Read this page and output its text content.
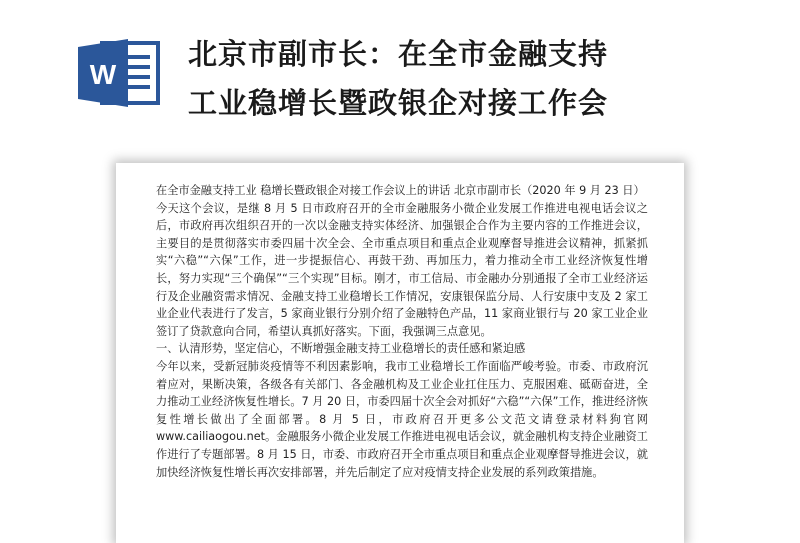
W
北京市副市长：在全市金融支持
工业稳增长暨政银企对接工作会

在全市金融支持工业 稳增长暨政银企对接工作会议上的讲话 北京市副市长（2020 年 9 月 23 日）

今天这个会议，是继 8 月 5 日市政府召开的全市金融服务小微企业发展工作推进电视电话会议之后，市政府再次组织召开的一次以金融支持实体经济、加强银企合作为主要内容的工作推进会议，主要目的是贯彻落实市委四届十次全会、全市重点项目和重点企业观摩督导推进会议精神，抓紧抓实“六稳”“六保”工作，进一步提振信心、再鼓干劲、再加压力，着力推动全市工业经济恢复性增长，努力实现“三个确保”“三个实现”目标。刚才，市工信局、市金融办分别通报了全市工业经济运行及企业融资需求情况、金融支持工业稳增长工作情况，安康银保监分局、人行安康中支及 2 家工业企业代表进行了发言，5 家商业银行分别介绍了金融特色产品，11 家商业银行与 20 家工业企业签订了贷款意向合同，希望认真抓好落实。下面，我强调三点意见。

一、认清形势，坚定信心，不断增强金融支持工业稳增长的责任感和紧迫感

今年以来，受新冠肺炎疫情等不利因素影响，我市工业稳增长工作面临严峻考验。市委、市政府沉着应对，果断决策，各级各有关部门、各金融机构及工业企业扛住压力、克服困难、砥砺奋进，全力推动工业经济恢复性增长。7 月 20 日，市委四届十次全会对抓好“六稳”“六保”工作，推进经济恢复性增长做出了全面部署。8 月 5 日，市政府召开更多公文范文请登录材料狗官网 www.cailiaogou.net。金融服务小微企业发展工作推进电视电话会议，就金融机构支持企业融资工作进行了专题部署。8 月 15 日，市委、市政府召开全市重点项目和重点企业观摩督导推进会议，就加快经济恢复性增长再次安排部署，并先后制定了应对疫情支持企业发展的系列政策措施。
